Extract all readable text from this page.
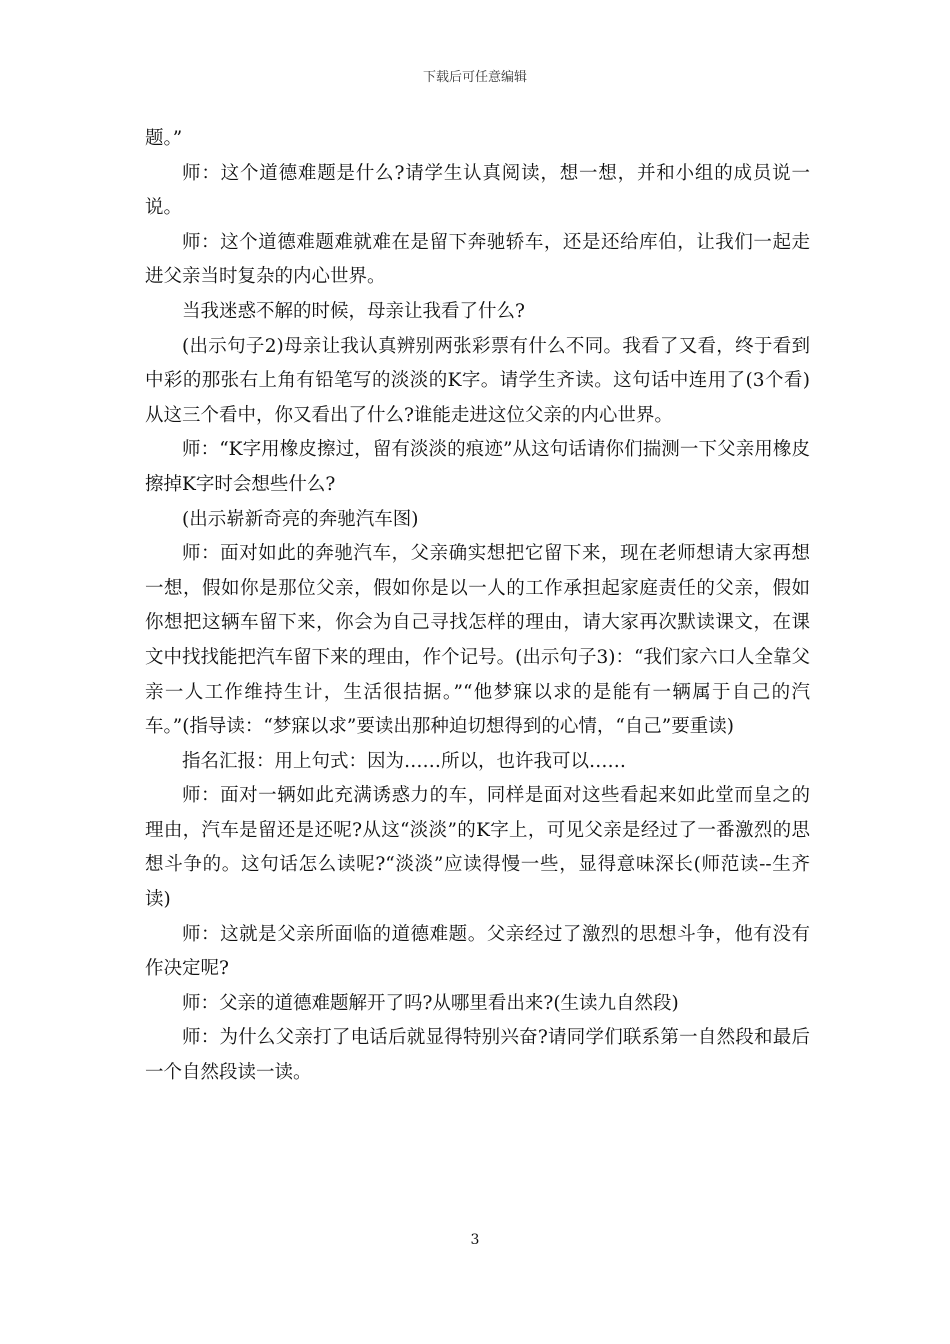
下载后可任意编辑

题。”

师：这个道德难题是什么?请学生认真阅读，想一想，并和小组的成员说一说。

师：这个道德难题难就难在是留下奔驰轿车，还是还给库伯，让我们一起走进父亲当时复杂的内心世界。

当我迷惑不解的时候，母亲让我看了什么?

(出示句子2)母亲让我认真辨别两张彩票有什么不同。我看了又看，终于看到中彩的那张右上角有铅笔写的淡淡的K字。请学生齐读。这句话中连用了(3个看)从这三个看中，你又看出了什么?谁能走进这位父亲的内心世界。

师：“K字用橡皮擦过，留有淡淡的痕迹”从这句话请你们揣测一下父亲用橡皮擦掉K字时会想些什么?

(出示崭新奇亮的奔驰汽车图)

师：面对如此的奔驰汽车，父亲确实想把它留下来，现在老师想请大家再想一想，假如你是那位父亲，假如你是以一人的工作承担起家庭责任的父亲，假如你想把这辆车留下来，你会为自己寻找怎样的理由，请大家再次默读课文，在课文中找找能把汽车留下来的理由，作个记号。(出示句子3)：“我们家六口人全靠父亲一人工作维持生计，生活很拮据。”“他梦寐以求的是能有一辆属于自己的汽车。”(指导读：“梦寐以求”要读出那种迫切想得到的心情，“自己”要重读)

指名汇报：用上句式：因为……所以，也许我可以……

师：面对一辆如此充满诱惑力的车，同样是面对这些看起来如此堂而皇之的理由，汽车是留还是还呢?从这“淡淡”的K字上，可见父亲是经过了一番激烈的思想斗争的。这句话怎么读呢?“淡淡”应读得慢一些，显得意味深长(师范读--生齐读)

师：这就是父亲所面临的道德难题。父亲经过了激烈的思想斗争，他有没有作决定呢?

师：父亲的道德难题解开了吗?从哪里看出来?(生读九自然段)

师：为什么父亲打了电话后就显得特别兴奋?请同学们联系第一自然段和最后一个自然段读一读。

3
